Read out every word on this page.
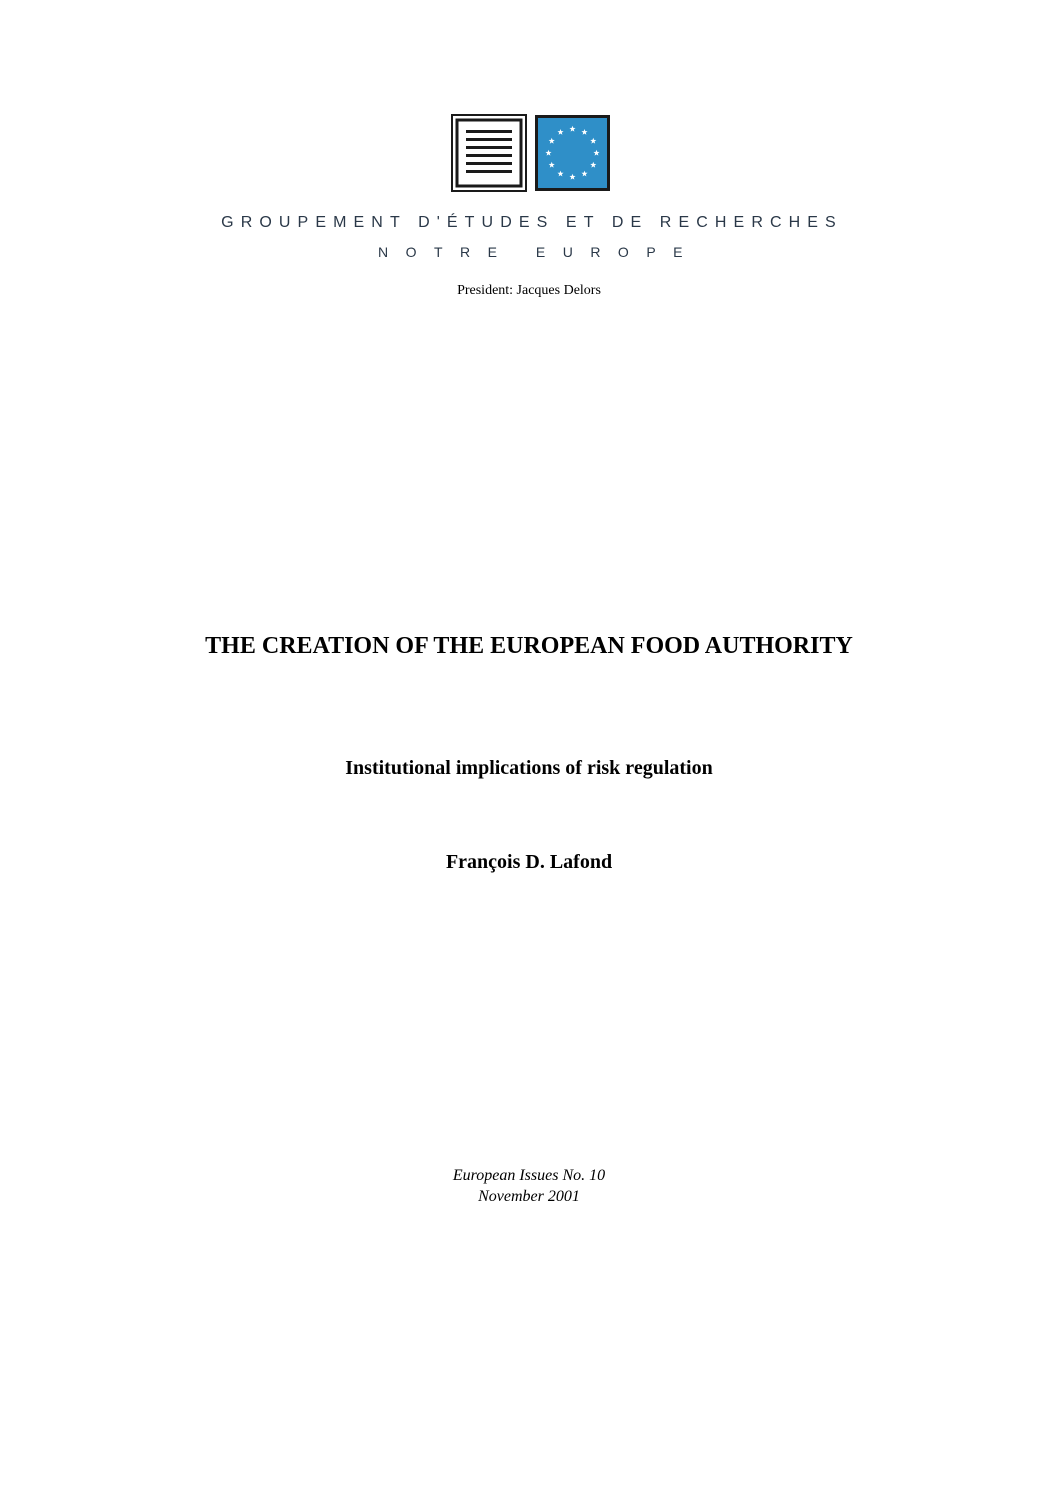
GROUPEMENT D'ÉTUDES ET DE RECHERCHES
NOTRE EUROPE
President: Jacques Delors
THE CREATION OF THE EUROPEAN FOOD AUTHORITY
Institutional implications of risk regulation
François D. Lafond
European Issues No. 10
November 2001
